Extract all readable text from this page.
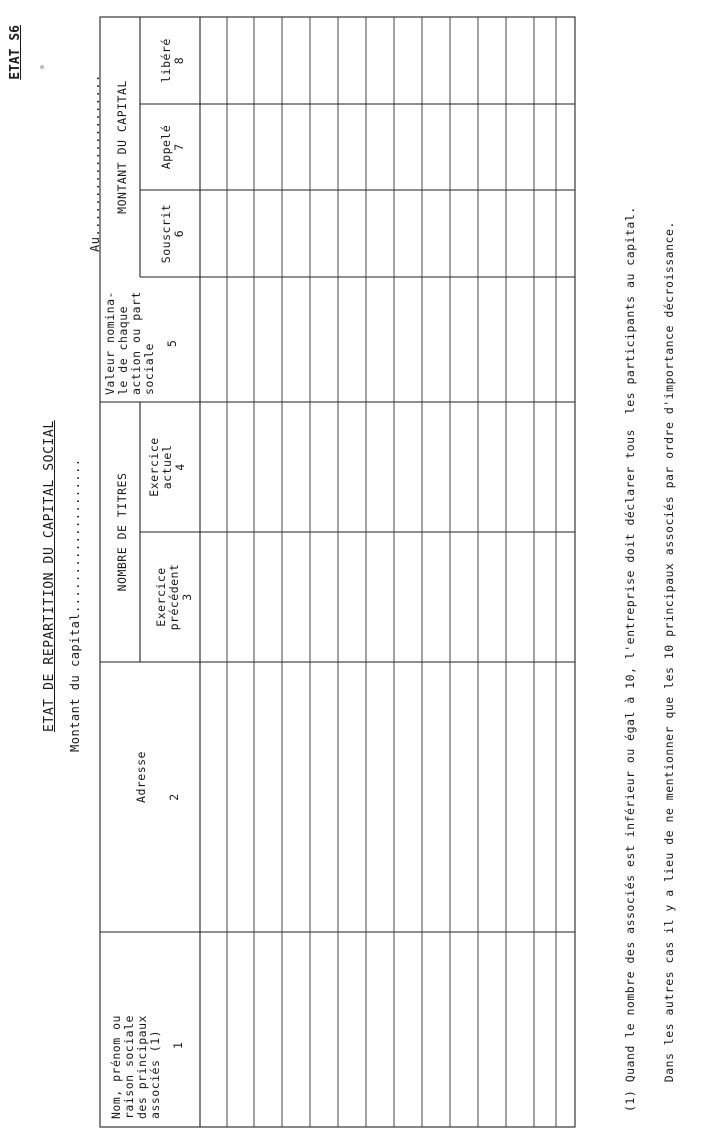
ETAT S6
ETAT DE REPARTITION DU CAPITAL SOCIAL Montant du capital....................
Au.....................
Nom, prénom ou raison sociale des principaux associés (1) 1
Adresse 2
NOMBRE DE TITRES
Exercice précédent 3
Exercice actuel 4
Valeur nomina- le de chaque action ou part sociale 5
MONTANT DU CAPITAL
Souscrit 6
Appelé 7

(1) Quand le nombre des associés est inférieur ou égal à 10, l'entreprise doit déclarer tous  les participants au capital.

Dans les autres cas il y a lieu de ne mentionner que les 10 principaux associés par ordre d'importance décroissance.

libéré 8
